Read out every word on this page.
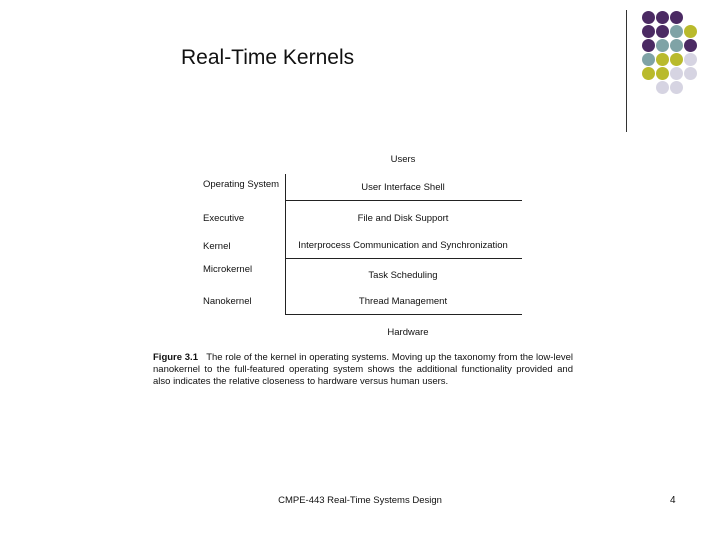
Real-Time Kernels
Users
Operating System
Executive
Kernel
Microkernel
Nanokernel
User Interface Shell
File and Disk Support
Interprocess Communication and Synchronization
Task Scheduling
Thread Management
Hardware
Figure 3.1 The role of the kernel in operating systems. Moving up the taxonomy from the low-level nanokernel to the full-featured operating system shows the additional functionality provided and also indicates the relative closeness to hardware versus human users.
CMPE-443 Real-Time Systems Design	4
